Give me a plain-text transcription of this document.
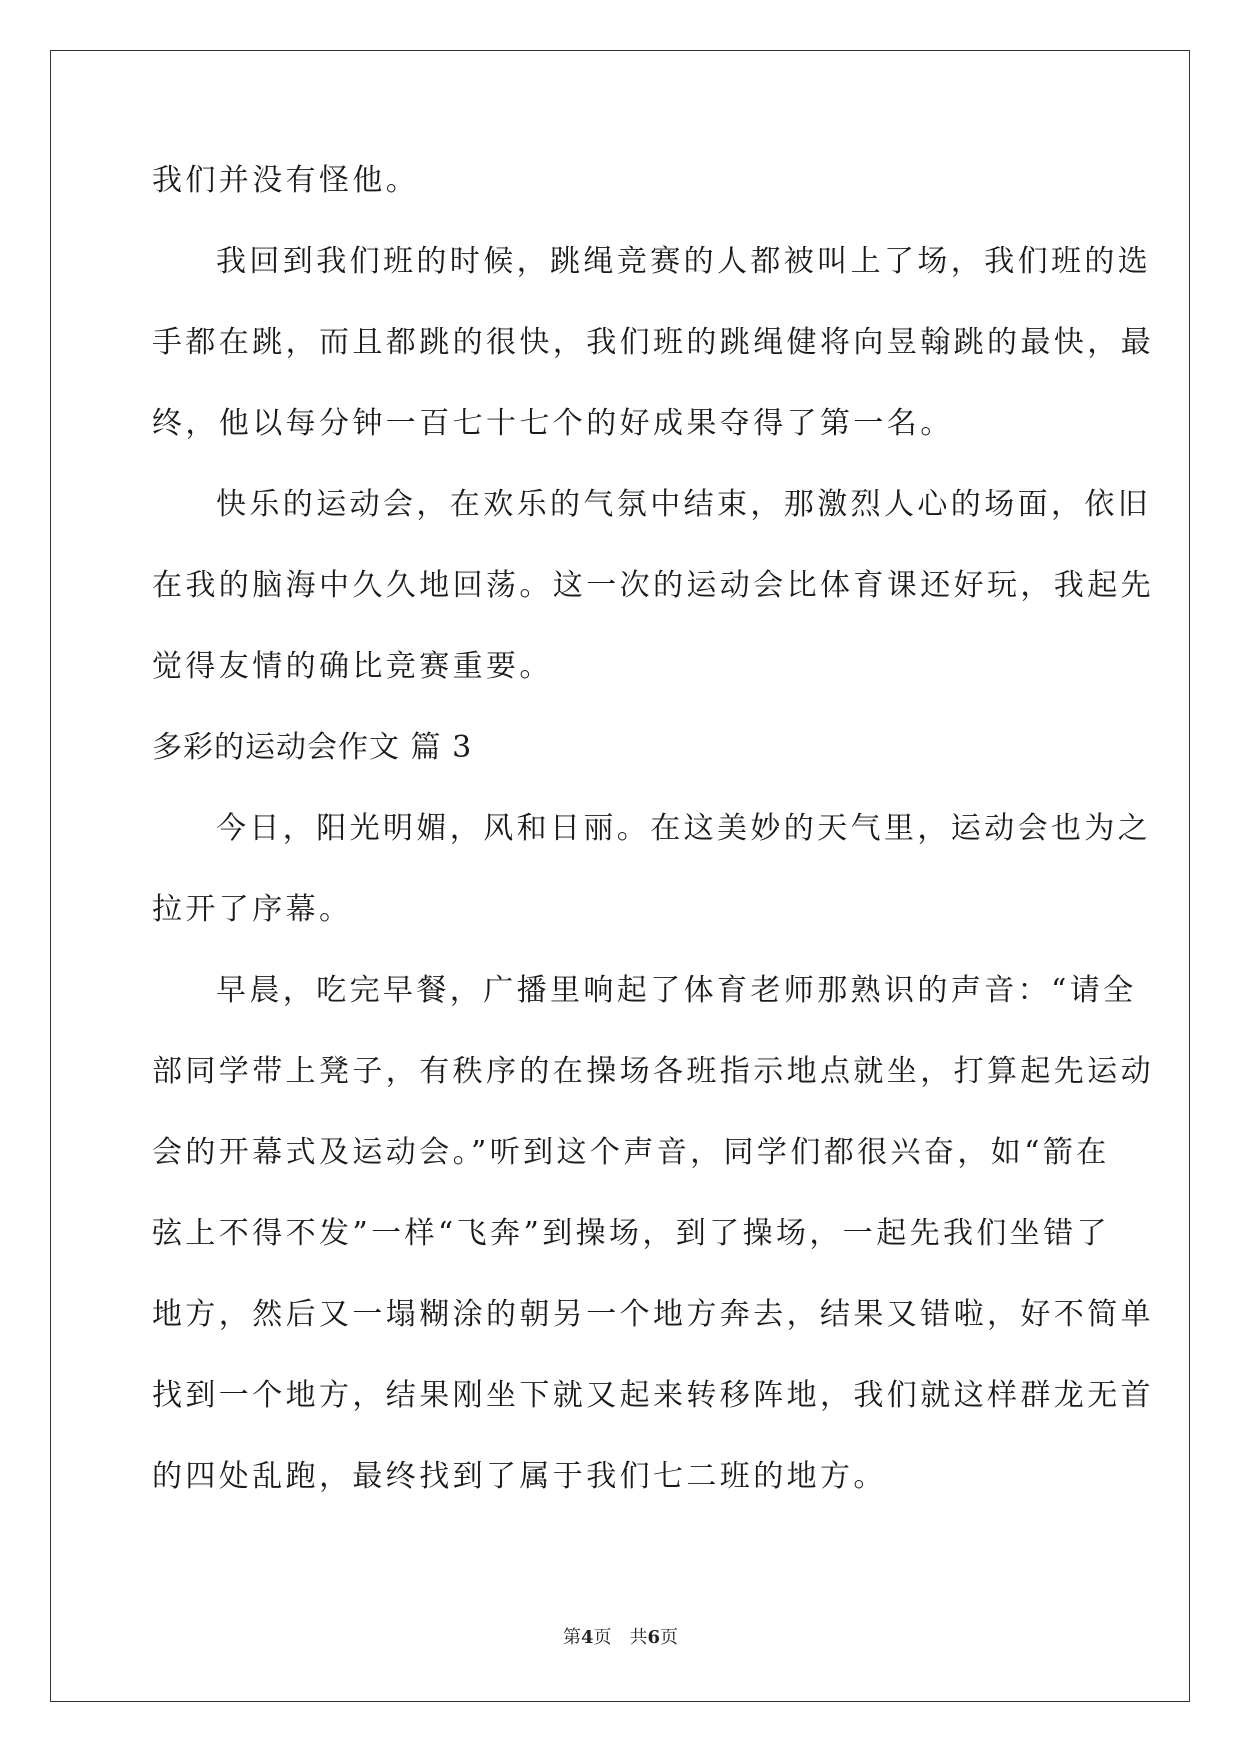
我们并没有怪他。

我回到我们班的时候，跳绳竞赛的人都被叫上了场，我们班的选

手都在跳，而且都跳的很快，我们班的跳绳健将向昱翰跳的最快，最

终，他以每分钟一百七十七个的好成果夺得了第一名。

快乐的运动会，在欢乐的气氛中结束，那激烈人心的场面，依旧

在我的脑海中久久地回荡。这一次的运动会比体育课还好玩，我起先

觉得友情的确比竞赛重要。

多彩的运动会作文 篇 3

今日，阳光明媚，风和日丽。在这美妙的天气里，运动会也为之

拉开了序幕。

早晨，吃完早餐，广播里响起了体育老师那熟识的声音：“请全

部同学带上凳子，有秩序的在操场各班指示地点就坐，打算起先运动

会的开幕式及运动会。”听到这个声音，同学们都很兴奋，如“箭在

弦上不得不发”一样“飞奔”到操场，到了操场，一起先我们坐错了

地方，然后又一塌糊涂的朝另一个地方奔去，结果又错啦，好不简单

找到一个地方，结果刚坐下就又起来转移阵地，我们就这样群龙无首

的四处乱跑，最终找到了属于我们七二班的地方。

第4页 共6页
